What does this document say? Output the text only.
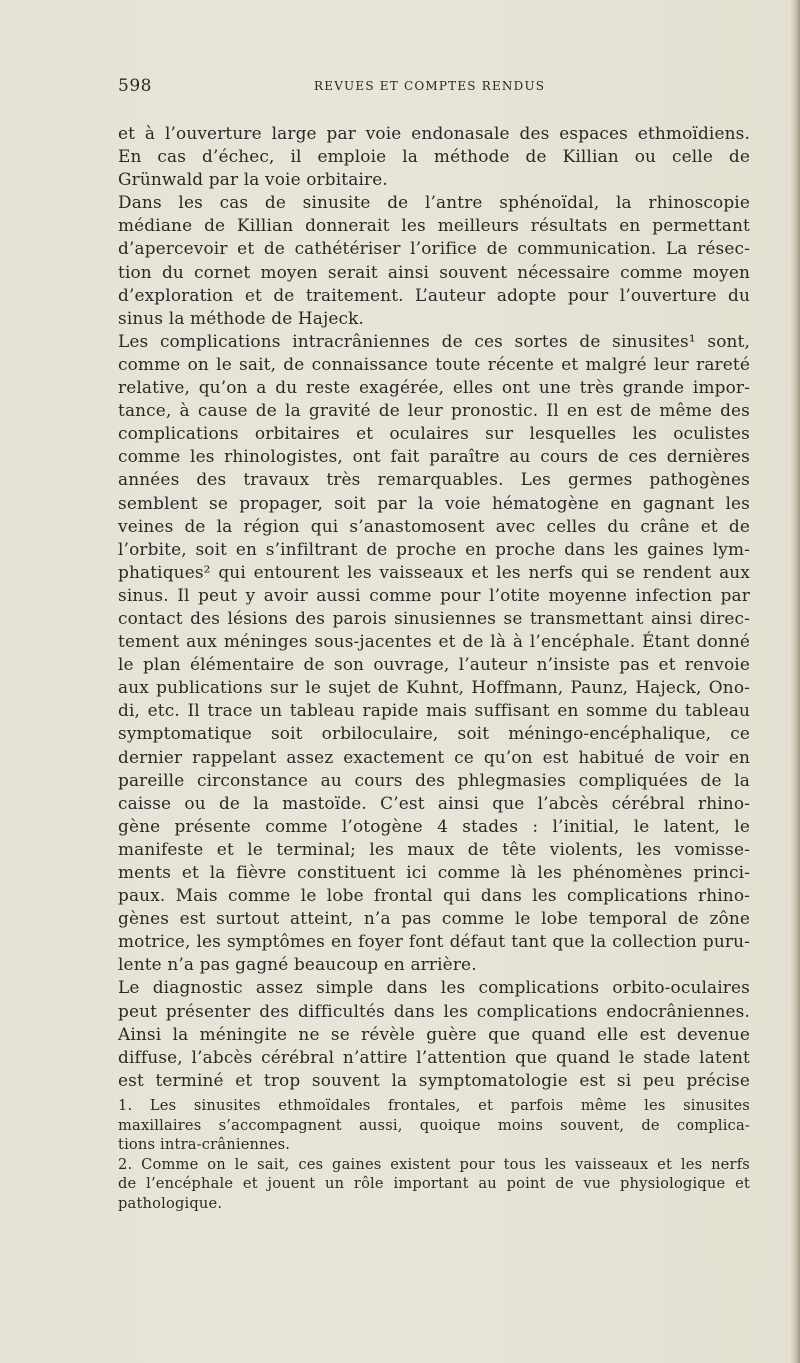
598	REVUES ET COMPTES RENDUS
et à l’ouverture large par voie endonasale des espaces ethmoïdiens.
En cas d’échec, il emploie la méthode de Killian ou celle de
Grünwald par la voie orbitaire.
Dans les cas de sinusite de l’antre sphénoïdal, la rhinoscopie
médiane de Killian donnerait les meilleurs résultats en permettant
d’apercevoir et de cathétériser l’orifice de communication. La résec-
tion du cornet moyen serait ainsi souvent nécessaire comme moyen
d’exploration et de traitement. L’auteur adopte pour l’ouverture du
sinus la méthode de Hajeck.
Les complications intracrâniennes de ces sortes de sinusites¹ sont,
comme on le sait, de connaissance toute récente et malgré leur rareté
relative, qu’on a du reste exagérée, elles ont une très grande impor-
tance, à cause de la gravité de leur pronostic. Il en est de même des
complications orbitaires et oculaires sur lesquelles les oculistes
comme les rhinologistes, ont fait paraître au cours de ces dernières
années des travaux très remarquables. Les germes pathogènes
semblent se propager, soit par la voie hématogène en gagnant les
veines de la région qui s’anastomosent avec celles du crâne et de
l’orbite, soit en s’infiltrant de proche en proche dans les gaines lym-
phatiques² qui entourent les vaisseaux et les nerfs qui se rendent aux
sinus. Il peut y avoir aussi comme pour l’otite moyenne infection par
contact des lésions des parois sinusiennes se transmettant ainsi direc-
tement aux méninges sous-jacentes et de là à l’encéphale. Étant donné
le plan élémentaire de son ouvrage, l’auteur n’insiste pas et renvoie
aux publications sur le sujet de Kuhnt, Hoffmann, Paunz, Hajeck, Ono-
di, etc. Il trace un tableau rapide mais suffisant en somme du tableau
symptomatique soit orbiloculaire, soit méningo-encéphalique, ce
dernier rappelant assez exactement ce qu’on est habitué de voir en
pareille circonstance au cours des phlegmasies compliquées de la
caisse ou de la mastoïde. C’est ainsi que l’abcès cérébral rhino-
gène présente comme l’otogène 4 stades : l’initial, le latent, le
manifeste et le terminal; les maux de tête violents, les vomisse-
ments et la fièvre constituent ici comme là les phénomènes princi-
paux. Mais comme le lobe frontal qui dans les complications rhino-
gènes est surtout atteint, n’a pas comme le lobe temporal de zône
motrice, les symptômes en foyer font défaut tant que la collection puru-
lente n’a pas gagné beaucoup en arrière.
Le diagnostic assez simple dans les complications orbito-oculaires
peut présenter des difficultés dans les complications endocrâniennes.
Ainsi la méningite ne se révèle guère que quand elle est devenue
diffuse, l’abcès cérébral n’attire l’attention que quand le stade latent
est terminé et trop souvent la symptomatologie est si peu précise
1. Les sinusites ethmoïdales frontales, et parfois même les sinusites
maxillaires s’accompagnent aussi, quoique moins souvent, de complica-
tions intra-crâniennes.
2. Comme on le sait, ces gaines existent pour tous les vaisseaux et les nerfs
de l’encéphale et jouent un rôle important au point de vue physiologique et
pathologique.
